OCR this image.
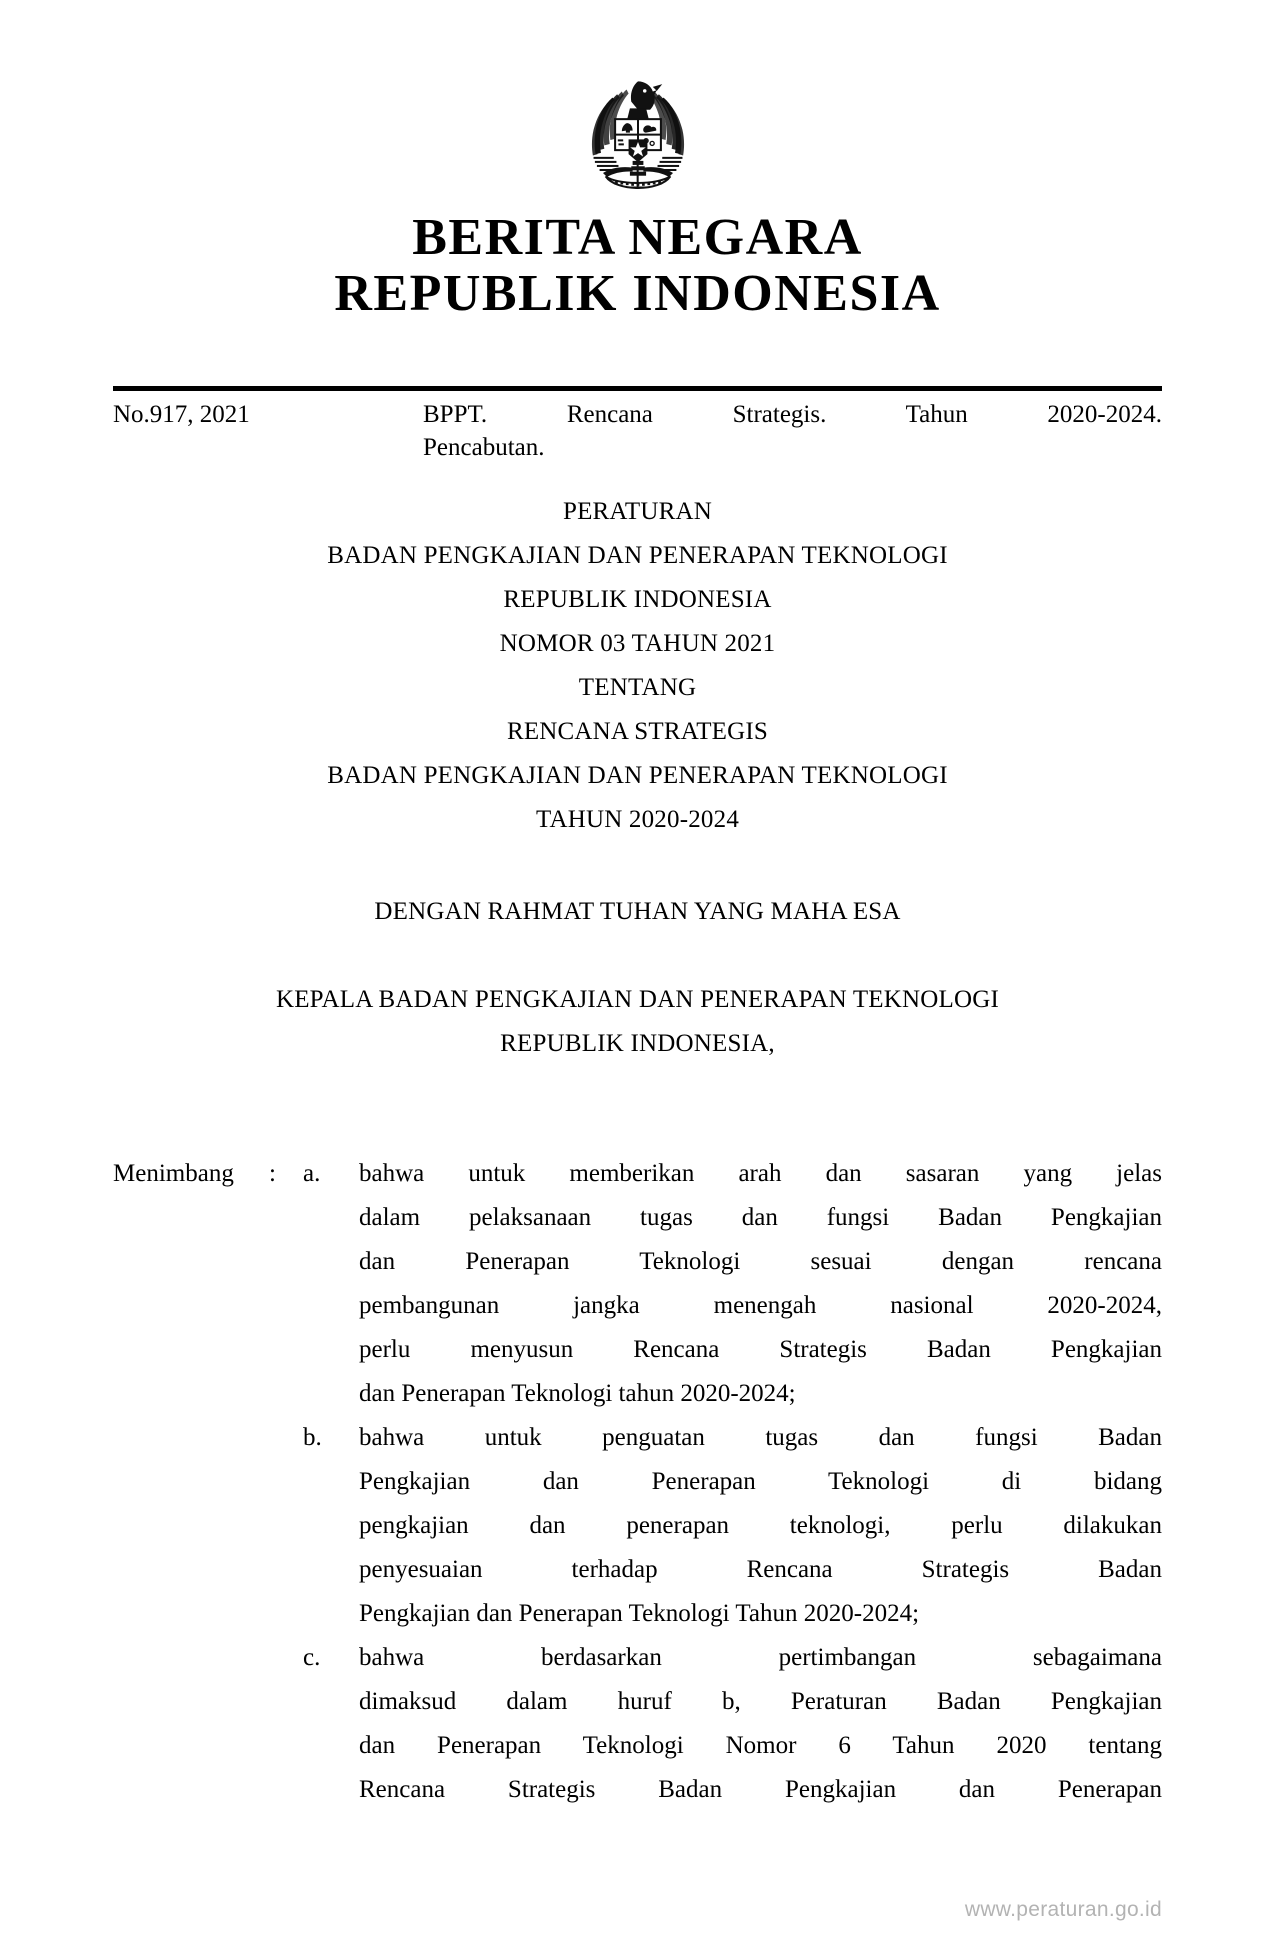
BERITA NEGARA
REPUBLIK INDONESIA
No.917, 2021	BPPT. Rencana Strategis. Tahun 2020-2024.
Pencabutan.
PERATURAN
BADAN PENGKAJIAN DAN PENERAPAN TEKNOLOGI
REPUBLIK INDONESIA
NOMOR 03 TAHUN 2021
TENTANG
RENCANA STRATEGIS
BADAN PENGKAJIAN DAN PENERAPAN TEKNOLOGI
TAHUN 2020-2024
DENGAN RAHMAT TUHAN YANG MAHA ESA
KEPALA BADAN PENGKAJIAN DAN PENERAPAN TEKNOLOGI
REPUBLIK INDONESIA,
Menimbang	:	a.	bahwa untuk memberikan arah dan sasaran yang jelas
dalam pelaksanaan tugas dan fungsi Badan Pengkajian
dan Penerapan Teknologi sesuai dengan rencana
pembangunan jangka menengah nasional 2020-2024,
perlu menyusun Rencana Strategis Badan Pengkajian
dan Penerapan Teknologi tahun 2020-2024;
b.	bahwa untuk penguatan tugas dan fungsi Badan
Pengkajian dan Penerapan Teknologi di bidang
pengkajian dan penerapan teknologi, perlu dilakukan
penyesuaian terhadap Rencana Strategis Badan
Pengkajian dan Penerapan Teknologi Tahun 2020-2024;
c.	bahwa berdasarkan pertimbangan sebagaimana
dimaksud dalam huruf b, Peraturan Badan Pengkajian
dan Penerapan Teknologi Nomor 6 Tahun 2020 tentang
Rencana Strategis Badan Pengkajian dan Penerapan
www.peraturan.go.id
